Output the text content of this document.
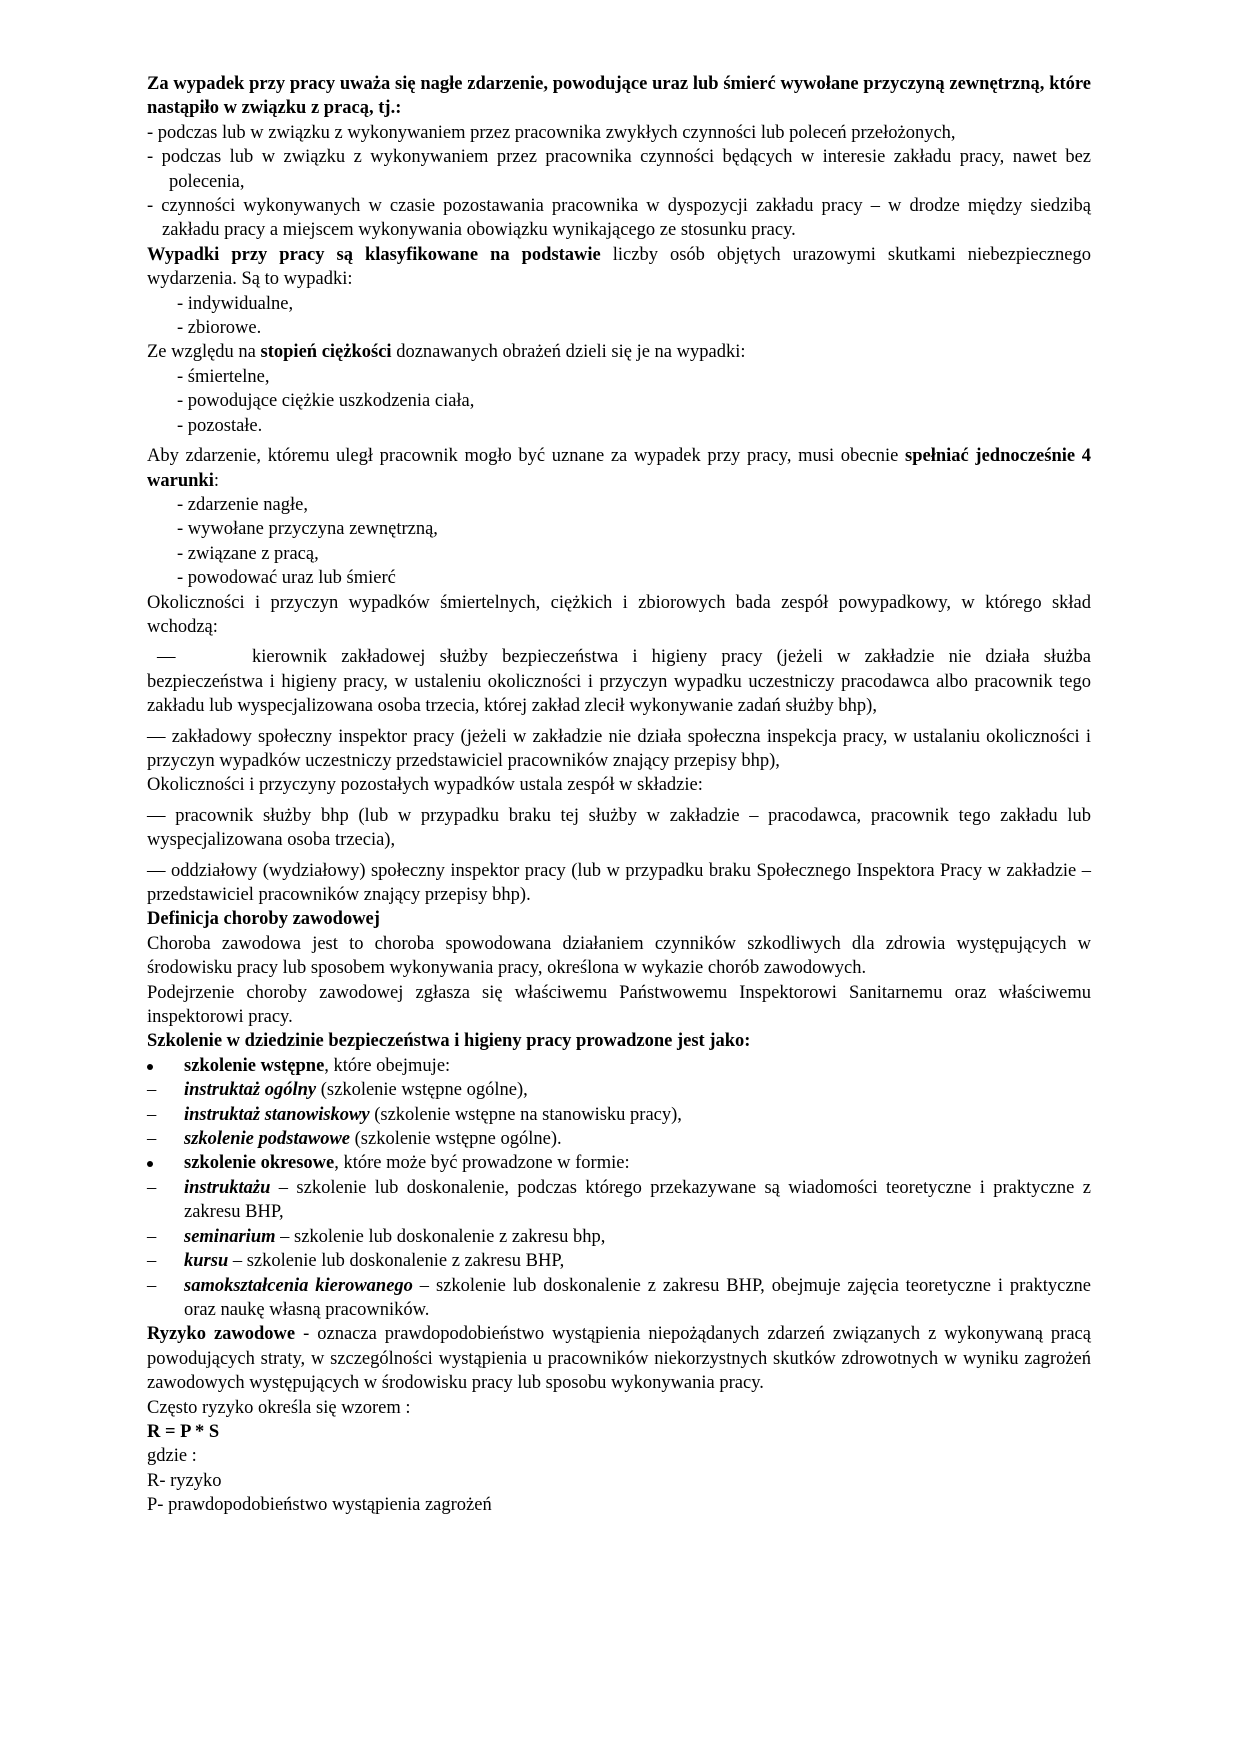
Za wypadek przy pracy uważa się nagłe zdarzenie, powodujące uraz lub śmierć wywołane przyczyną zewnętrzną, które nastąpiło w związku z pracą, tj.:

- podczas lub w związku z wykonywaniem przez pracownika zwykłych czynności lub poleceń przełożonych,

- podczas lub w związku z wykonywaniem przez pracownika czynności będących w interesie zakładu pracy, nawet bez polecenia,

- czynności wykonywanych w czasie pozostawania pracownika w dyspozycji zakładu pracy – w drodze między siedzibą zakładu pracy a miejscem wykonywania obowiązku wynikającego ze stosunku pracy.

Wypadki przy pracy są klasyfikowane na podstawie liczby osób objętych urazowymi skutkami niebezpiecznego wydarzenia. Są to wypadki:

- indywidualne,

- zbiorowe.

Ze względu na stopień ciężkości doznawanych obrażeń dzieli się je na wypadki:

- śmiertelne,

- powodujące ciężkie uszkodzenia ciała,

- pozostałe.

Aby zdarzenie, któremu uległ pracownik mogło być uznane za wypadek przy pracy, musi obecnie spełniać jednocześnie 4 warunki:

- zdarzenie nagłe,

- wywołane przyczyna zewnętrzną,

- związane z pracą,

- powodować uraz lub śmierć

Okoliczności i przyczyn wypadków śmiertelnych, ciężkich i zbiorowych bada zespół powypadkowy, w którego skład wchodzą:

—	kierownik zakładowej służby bezpieczeństwa i higieny pracy (jeżeli w zakładzie nie działa służba bezpieczeństwa i higieny pracy, w ustaleniu okoliczności i przyczyn wypadku uczestniczy pracodawca albo pracownik tego zakładu lub wyspecjalizowana osoba trzecia, której zakład zlecił wykonywanie zadań służby bhp),

— zakładowy społeczny inspektor pracy (jeżeli w zakładzie nie działa społeczna inspekcja pracy, w ustalaniu okoliczności i przyczyn wypadków uczestniczy przedstawiciel pracowników znający przepisy bhp),

Okoliczności i przyczyny pozostałych wypadków ustala zespół w składzie:

— pracownik służby bhp (lub w przypadku braku tej służby w zakładzie – pracodawca, pracownik tego zakładu lub wyspecjalizowana osoba trzecia),

— oddziałowy (wydziałowy) społeczny inspektor pracy (lub w przypadku braku Społecznego Inspektora Pracy w zakładzie – przedstawiciel pracowników znający przepisy bhp).

Definicja choroby zawodowej

Choroba zawodowa jest to choroba spowodowana działaniem czynników szkodliwych dla zdrowia występujących w środowisku pracy lub sposobem wykonywania pracy, określona w wykazie chorób zawodowych.

Podejrzenie choroby zawodowej zgłasza się właściwemu Państwowemu Inspektorowi Sanitarnemu oraz właściwemu inspektorowi pracy.

Szkolenie w dziedzinie bezpieczeństwa i higieny pracy prowadzone jest jako:

szkolenie wstępne, które obejmuje:

–	instruktaż ogólny (szkolenie wstępne ogólne),

–	instruktaż stanowiskowy (szkolenie wstępne na stanowisku pracy),

–	szkolenie podstawowe (szkolenie wstępne ogólne).

szkolenie okresowe, które może być prowadzone w formie:

–	instruktażu – szkolenie lub doskonalenie, podczas którego przekazywane są wiadomości teoretyczne i praktyczne z zakresu BHP,

–	seminarium – szkolenie lub doskonalenie z zakresu bhp,

–	kursu – szkolenie lub doskonalenie z zakresu BHP,

–	samokształcenia kierowanego – szkolenie lub doskonalenie z zakresu BHP, obejmuje zajęcia teoretyczne i praktyczne oraz naukę własną pracowników.

Ryzyko zawodowe - oznacza prawdopodobieństwo wystąpienia niepożądanych zdarzeń związanych z wykonywaną pracą powodujących straty, w szczególności wystąpienia u pracowników niekorzystnych skutków zdrowotnych w wyniku zagrożeń zawodowych występujących w środowisku pracy lub sposobu wykonywania pracy.

Często ryzyko określa się wzorem :

R = P * S

gdzie :

R- ryzyko

P- prawdopodobieństwo wystąpienia zagrożeń
